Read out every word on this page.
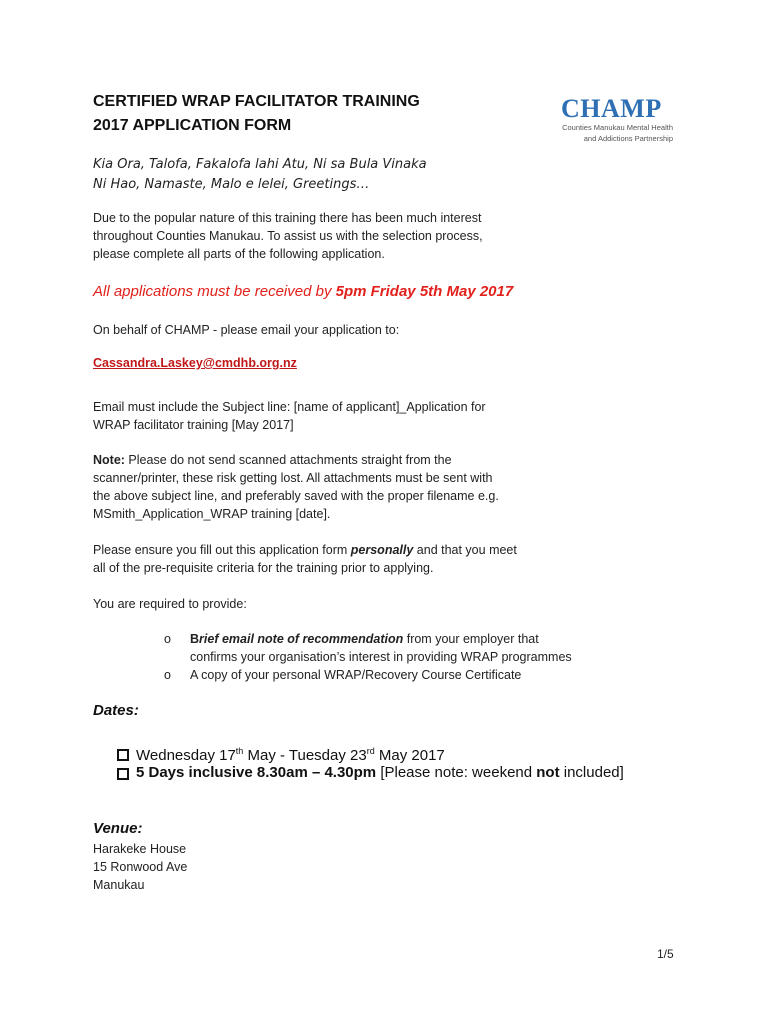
CERTIFIED WRAP FACILITATOR TRAINING
2017 APPLICATION FORM
CHAMP
Counties Manukau Mental Health
and Addictions Partnership
Kia Ora, Talofa, Fakalofa lahi Atu, Ni sa Bula Vinaka
Ni Hao, Namaste, Malo e lelei, Greetings…
Due to the popular nature of this training there has been much interest
throughout Counties Manukau. To assist us with the selection process,
please complete all parts of the following application.
All applications must be received by 5pm Friday 5th May 2017
On behalf of CHAMP - please email your application to:
Cassandra.Laskey@cmdhb.org.nz
Email must include the Subject line: [name of applicant]_Application for
WRAP facilitator training [May 2017]
Note: Please do not send scanned attachments straight from the
scanner/printer, these risk getting lost. All attachments must be sent with
the above subject line, and preferably saved with the proper filename e.g.
MSmith_Application_WRAP training [date].
Please ensure you fill out this application form personally and that you meet
all of the pre-requisite criteria for the training prior to applying.
You are required to provide:
o Brief email note of recommendation from your employer that
confirms your organisation’s interest in providing WRAP programmes
o A copy of your personal WRAP/Recovery Course Certificate
Dates:
Wednesday 17th May - Tuesday 23rd May 2017
5 Days inclusive 8.30am – 4.30pm [Please note: weekend not included]
Venue:
Harakeke House
15 Ronwood Ave
Manukau
1/5
